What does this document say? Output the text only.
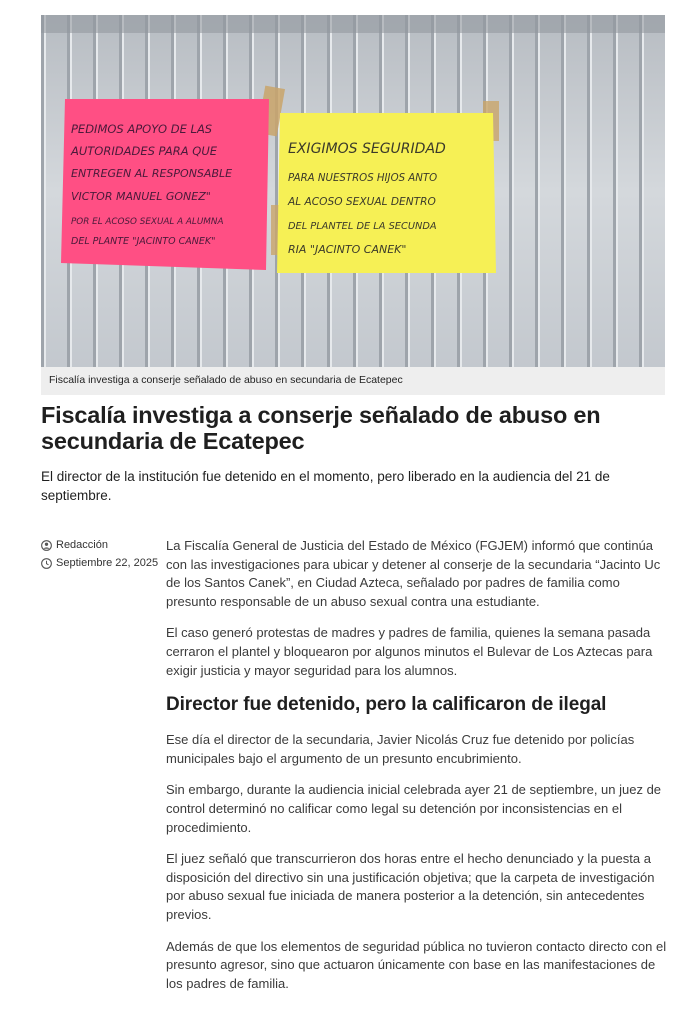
PEDIMOS APOYO DE LAS
AUTORIDADES PARA QUE
ENTREGEN AL RESPONSABLE
VICTOR MANUEL GONEZ"
POR EL ACOSO SEXUAL A ALUMNA
DEL PLANTE "JACINTO CANEK"
EXIGIMOS SEGURIDAD
PARA NUESTROS HIJOS ANTO
AL ACOSO SEXUAL DENTRO
DEL PLANTEL DE LA SECUNDA
RIA "JACINTO CANEK"
Fiscalía investiga a conserje señalado de abuso en secundaria de Ecatepec
Fiscalía investiga a conserje señalado de abuso en secundaria de Ecatepec

El director de la institución fue detenido en el momento, pero liberado en la audiencia del 21 de septiembre.

Redacción
Septiembre 22, 2025

La Fiscalía General de Justicia del Estado de México (FGJEM) informó que continúa con las investigaciones para ubicar y detener al conserje de la secundaria “Jacinto Uc de los Santos Canek”, en Ciudad Azteca, señalado por padres de familia como presunto responsable de un abuso sexual contra una estudiante.

El caso generó protestas de madres y padres de familia, quienes la semana pasada cerraron el plantel y bloquearon por algunos minutos el Bulevar de Los Aztecas para exigir justicia y mayor seguridad para los alumnos.

Director fue detenido, pero la calificaron de ilegal

Ese día el director de la secundaria, Javier Nicolás Cruz fue detenido por policías municipales bajo el argumento de un presunto encubrimiento.

Sin embargo, durante la audiencia inicial celebrada ayer 21 de septiembre, un juez de control determinó no calificar como legal su detención por inconsistencias en el procedimiento.

El juez señaló que transcurrieron dos horas entre el hecho denunciado y la puesta a disposición del directivo sin una justificación objetiva; que la carpeta de investigación por abuso sexual fue iniciada de manera posterior a la detención, sin antecedentes previos.

Además de que los elementos de seguridad pública no tuvieron contacto directo con el presunto agresor, sino que actuaron únicamente con base en las manifestaciones de los padres de familia.
